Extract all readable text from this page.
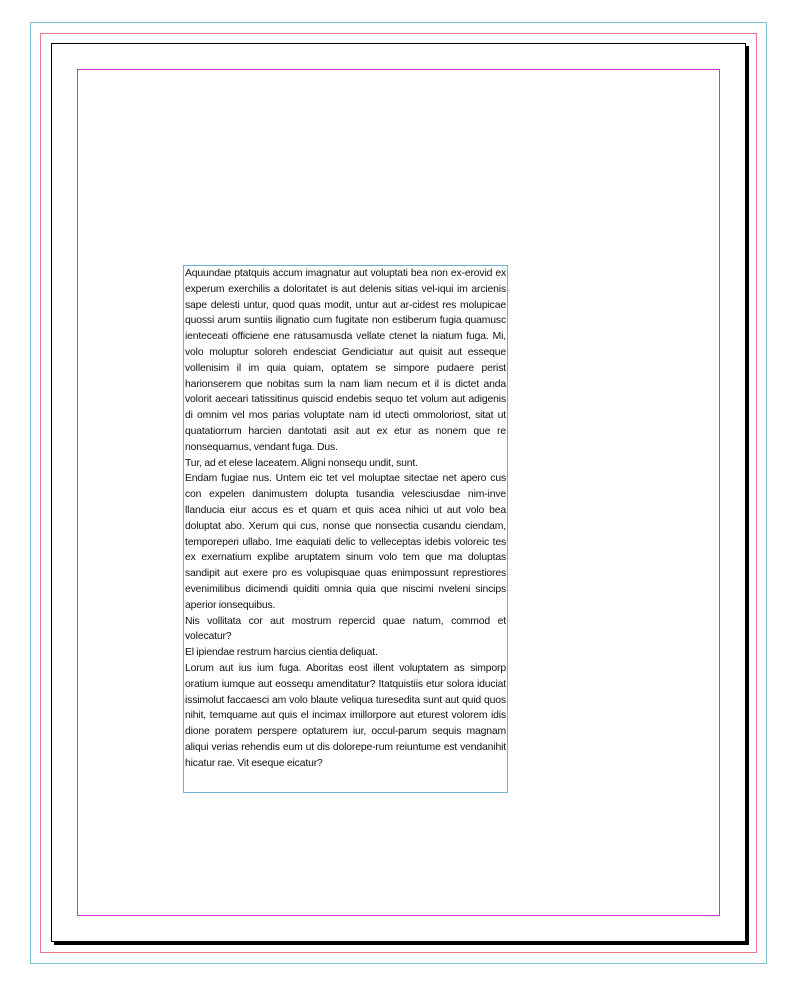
Aquundae ptatquis accum imagnatur aut voluptati bea non ex-erovid ex experum exerchilis a doloritatet is aut delenis sitias vel-iqui im arcienis sape delesti untur, quod quas modit, untur aut ar-cidest res molupicae quossi arum suntiis ilignatio cum fugitate non estiberum fugia quamusc ienteceati officiene ene ratusamusda vellate ctenet la niatum fuga. Mi, volo moluptur soloreh endesciat Gendiciatur aut quisit aut esseque vollenisim il im quia quiam, optatem se simpore pudaere perist harionserem que nobitas sum la nam liam necum et il is dictet anda volorit aeceari tatissitinus quiscid endebis sequo tet volum aut adigenis di omnim vel mos parias voluptate nam id utecti ommoloriost, sitat ut quatatiorrum harcien dantotati asit aut ex etur as nonem que re nonsequamus, vendant fuga. Dus.

Tur, ad et elese laceatem. Aligni nonsequ undit, sunt.

Endam fugiae nus. Untem eic tet vel moluptae sitectae net apero cus con expelen danimustem dolupta tusandia velesciusdae nim-inve llanducia eiur accus es et quam et quis acea nihici ut aut volo bea doluptat abo. Xerum qui cus, nonse que nonsectia cusandu ciendam, temporeperi ullabo. Ime eaquiati delic to velleceptas idebis voloreic tes ex exernatium explibe aruptatem sinum volo tem que ma doluptas sandipit aut exere pro es volupisquae quas enimpossunt represtiores evenimilibus dicimendi quiditi omnia quia que niscimi nveleni sincips aperior ionsequibus.

Nis vollitata cor aut mostrum repercid quae natum, commod et volecatur?

El ipiendae restrum harcius cientia deliquat.

Lorum aut ius ium fuga. Aboritas eost illent voluptatem as simporp oratium iumque aut eossequ amenditatur? Itatquistiis etur solora iduciat issimolut faccaesci am volo blaute veliqua turesedita sunt aut quid quos nihit, temquame aut quis el incimax imillorpore aut eturest volorem idis dione poratem perspere optaturem iur, occul-parum sequis magnam aliqui verias rehendis eum ut dis dolorepe-rum reiuntume est vendanihit hicatur rae. Vit eseque eicatur?
